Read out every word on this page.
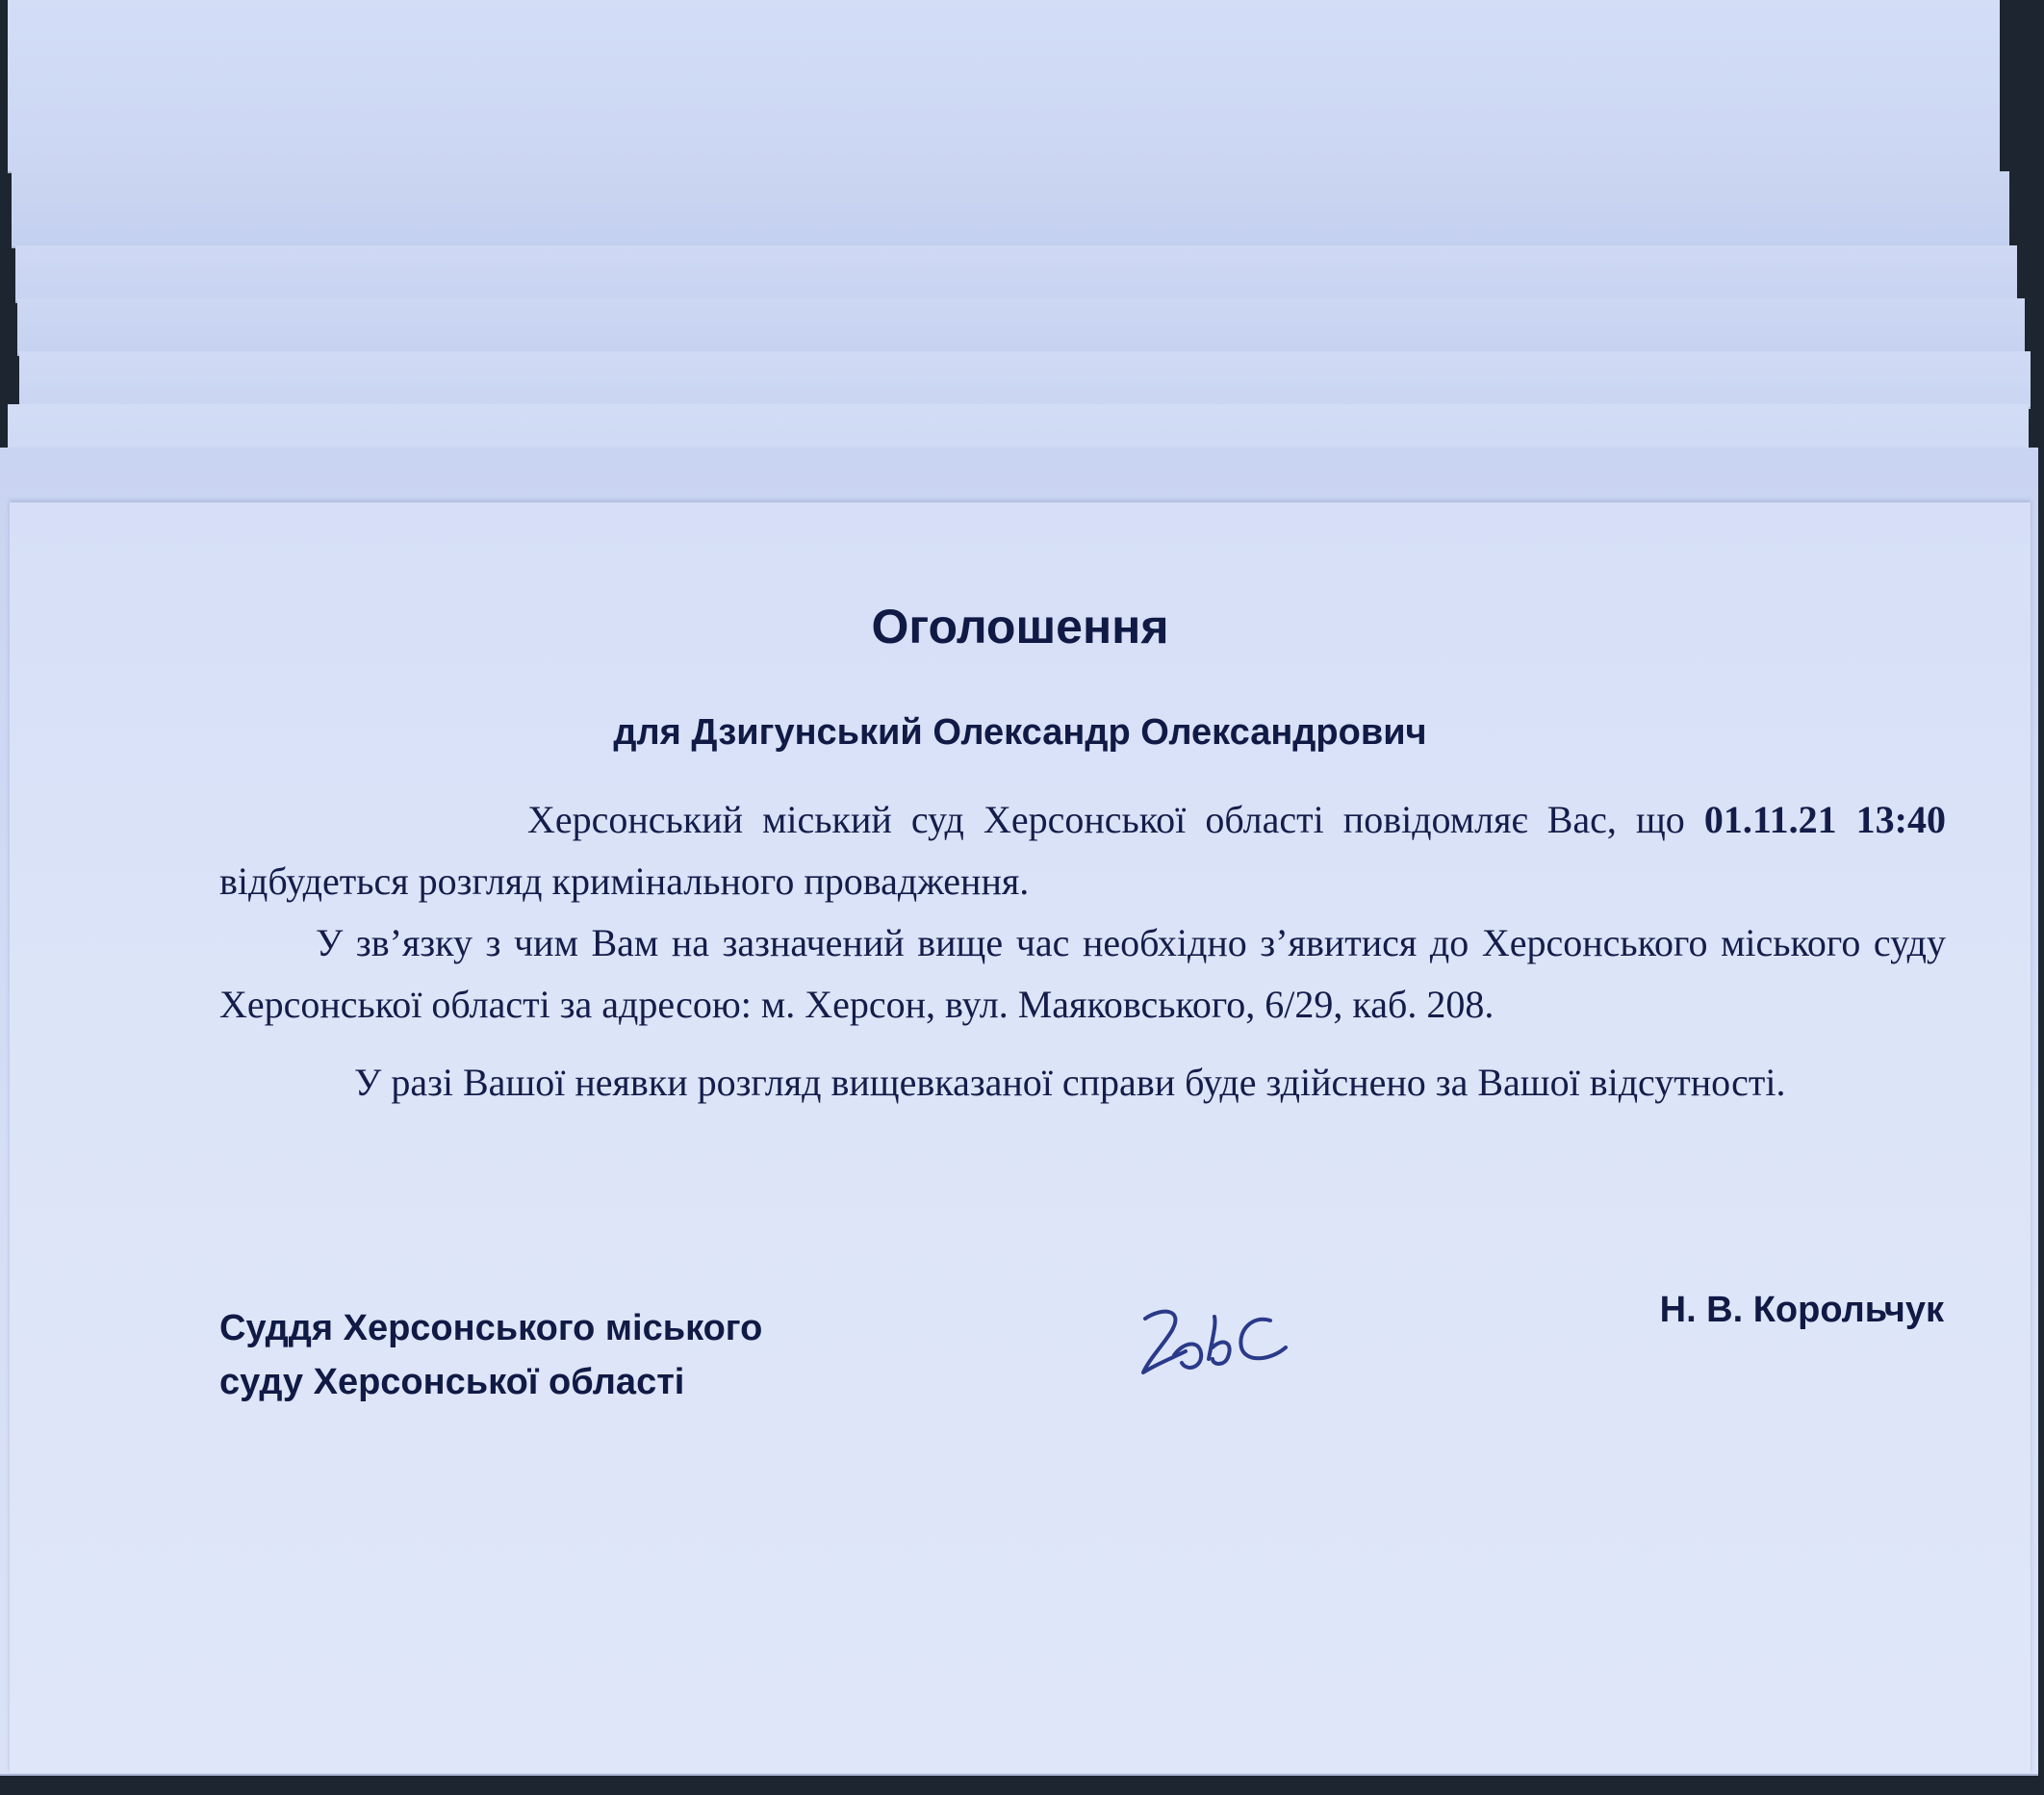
Оголошення
для Дзигунський Олександр Олександрович

Херсонський міський суд Херсонської області повідомляє Вас, що 01.11.21 13:40 відбудеться розгляд кримінального провадження.

У зв’язку з чим Вам на зазначений вище час необхідно з’явитися до Херсонського міського суду Херсонської області за адресою: м. Херсон, вул. Маяковського, 6/29, каб. 208.

У разі Вашої неявки розгляд вищевказаної справи буде здійснено за Вашої відсутності.

Суддя Херсонського міського
суду Херсонської області
Н. В. Корольчук
